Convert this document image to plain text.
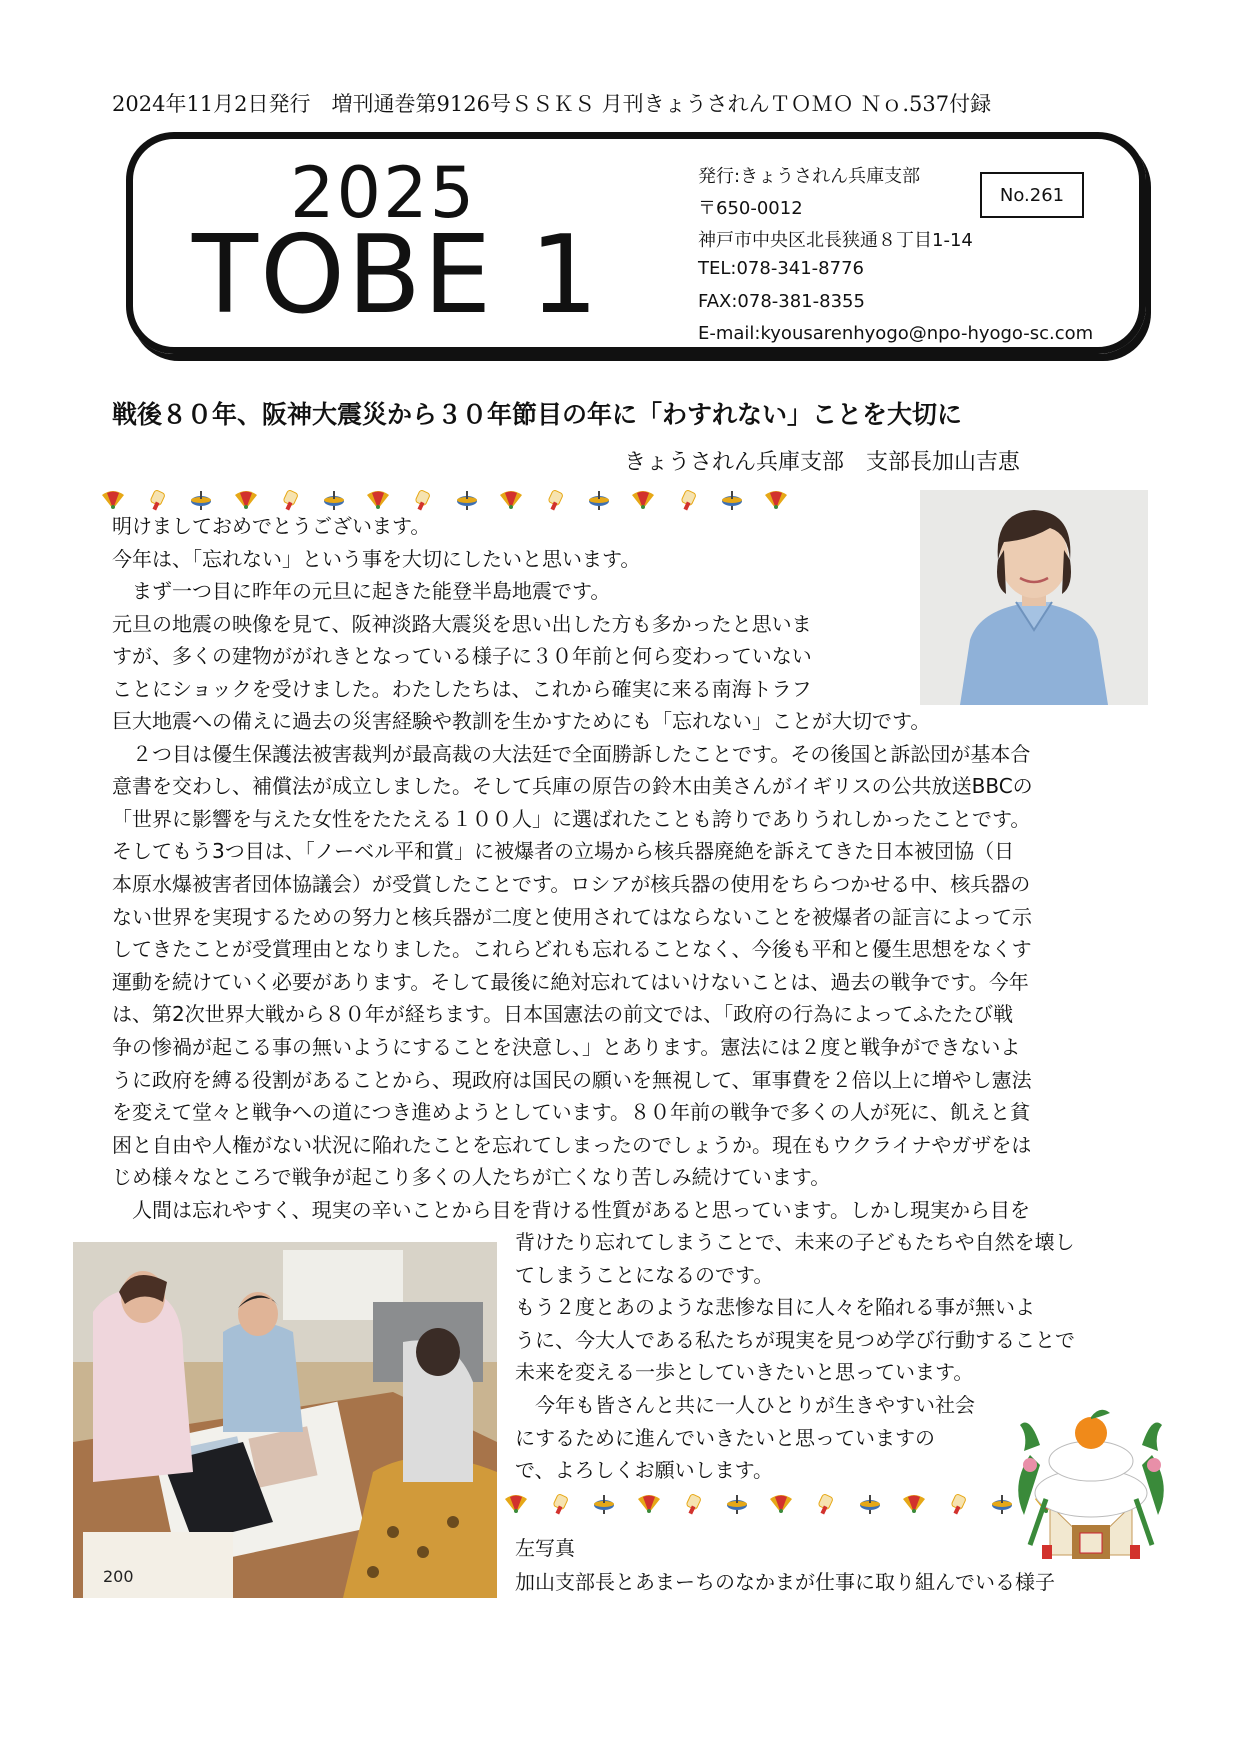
2024年11月2日発行　増刊通巻第9126号ＳＳＫＳ 月刊きょうされんＴＯＭＯ Ｎｏ.537付録
2025
TOBE 1
発行:きょうされん兵庫支部
〒650-0012
神戸市中央区北長狭通８丁目1-14
TEL:078-341-8776
FAX:078-381-8355
E-mail:kyousarenhyogo@npo-hyogo-sc.com
No.261
戦後８０年、阪神大震災から３０年節目の年に「わすれない」ことを大切に
きょうされん兵庫支部　支部長加山吉恵
明けましておめでとうございます。
今年は、「忘れない」という事を大切にしたいと思います。
　まず一つ目に昨年の元旦に起きた能登半島地震です。
元旦の地震の映像を見て、阪神淡路大震災を思い出した方も多かったと思いま
すが、多くの建物ががれきとなっている様子に３０年前と何ら変わっていない
ことにショックを受けました。わたしたちは、これから確実に来る南海トラフ
巨大地震への備えに過去の災害経験や教訓を生かすためにも「忘れない」ことが大切です。
　２つ目は優生保護法被害裁判が最高裁の大法廷で全面勝訴したことです。その後国と訴訟団が基本合
意書を交わし、補償法が成立しました。そして兵庫の原告の鈴木由美さんがイギリスの公共放送BBCの
「世界に影響を与えた女性をたたえる１００人」に選ばれたことも誇りでありうれしかったことです。
そしてもう3つ目は、「ノーベル平和賞」に被爆者の立場から核兵器廃絶を訴えてきた日本被団協（日
本原水爆被害者団体協議会）が受賞したことです。ロシアが核兵器の使用をちらつかせる中、核兵器の
ない世界を実現するための努力と核兵器が二度と使用されてはならないことを被爆者の証言によって示
してきたことが受賞理由となりました。これらどれも忘れることなく、今後も平和と優生思想をなくす
運動を続けていく必要があります。そして最後に絶対忘れてはいけないことは、過去の戦争です。今年
は、第2次世界大戦から８０年が経ちます。日本国憲法の前文では、「政府の行為によってふたたび戦
争の惨禍が起こる事の無いようにすることを決意し、」とあります。憲法には２度と戦争ができないよ
うに政府を縛る役割があることから、現政府は国民の願いを無視して、軍事費を２倍以上に増やし憲法
を変えて堂々と戦争への道につき進めようとしています。８０年前の戦争で多くの人が死に、飢えと貧
困と自由や人権がない状況に陥れたことを忘れてしまったのでしょうか。現在もウクライナやガザをは
じめ様々なところで戦争が起こり多くの人たちが亡くなり苦しみ続けています。
　人間は忘れやすく、現実の辛いことから目を背ける性質があると思っています。しかし現実から目を
背けたり忘れてしまうことで、未来の子どもたちや自然を壊し
てしまうことになるのです。
もう２度とあのような悲惨な目に人々を陥れる事が無いよ
うに、今大人である私たちが現実を見つめ学び行動することで
未来を変える一歩としていきたいと思っています。
　今年も皆さんと共に一人ひとりが生きやすい社会
にするために進んでいきたいと思っていますの
で、よろしくお願いします。
200
左写真
加山支部長とあまーちのなかまが仕事に取り組んでいる様子
